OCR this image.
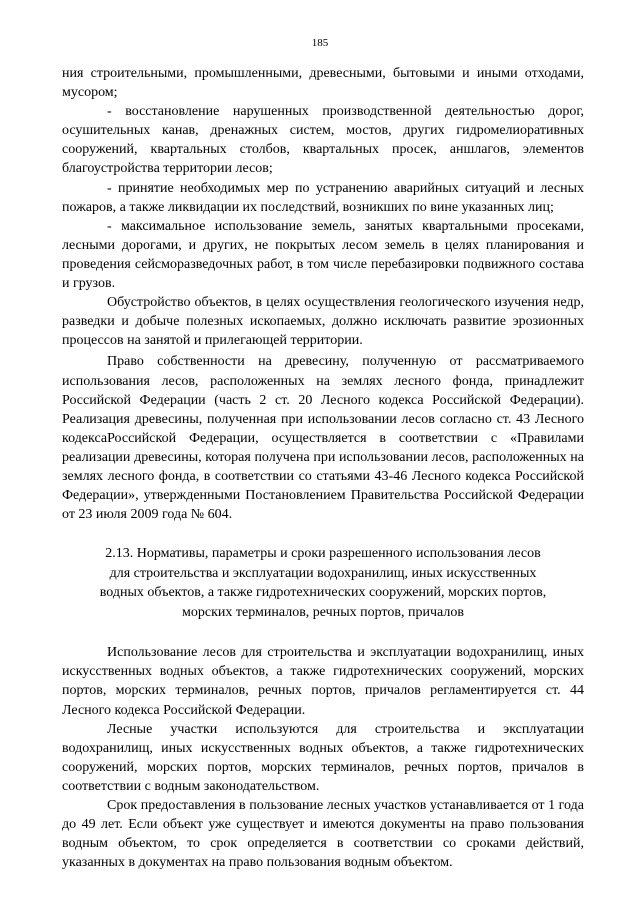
185

ния строительными, промышленными, древесными, бытовыми и иными отходами, мусором;

- восстановление нарушенных производственной деятельностью дорог, осушительных канав, дренажных систем, мостов, других гидромелиоративных сооружений, квартальных столбов, квартальных просек, аншлагов, элементов благоустройства территории лесов;

- принятие необходимых мер по устранению аварийных ситуаций и лесных пожаров, а также ликвидации их последствий, возникших по вине указанных лиц;

- максимальное использование земель, занятых квартальными просеками, лесными дорогами, и других, не покрытых лесом земель в целях планирования и проведения сейсморазведочных работ, в том числе перебазировки подвижного состава и грузов.

Обустройство объектов, в целях осуществления геологического изучения недр, разведки и добыче полезных ископаемых, должно исключать развитие эрозионных процессов на занятой и прилегающей территории.

Право собственности на древесину, полученную от рассматриваемого использования лесов, расположенных на землях лесного фонда, принадлежит Российской Федерации (часть 2 ст. 20 Лесного кодекса Российской Федерации). Реализация древесины, полученная при использовании лесов согласно ст. 43 Лесного кодексаРоссийской Федерации, осуществляется в соответствии с «Правилами реализации древесины, которая получена при использовании лесов, расположенных на землях лесного фонда, в соответствии со статьями 43-46 Лесного кодекса Российской Федерации», утвержденными Постановлением Правительства Российской Федерации от 23 июля 2009 года № 604.

2.13. Нормативы, параметры и сроки разрешенного использования лесов
для строительства и эксплуатации водохранилищ, иных искусственных
водных объектов, а также гидротехнических сооружений, морских портов,
морских терминалов, речных портов, причалов

Использование лесов для строительства и эксплуатации водохранилищ, иных искусственных водных объектов, а также гидротехнических сооружений, морских портов, морских терминалов, речных портов, причалов регламентируется ст. 44 Лесного кодекса Российской Федерации.

Лесные участки используются для строительства и эксплуатации водохранилищ, иных искусственных водных объектов, а также гидротехнических сооружений, морских портов, морских терминалов, речных портов, причалов в соответствии с водным законодательством.

Срок предоставления в пользование лесных участков устанавливается от 1 года до 49 лет. Если объект уже существует и имеются документы на право пользования водным объектом, то срок определяется в соответствии со сроками действий, указанных в документах на право пользования водным объектом.
